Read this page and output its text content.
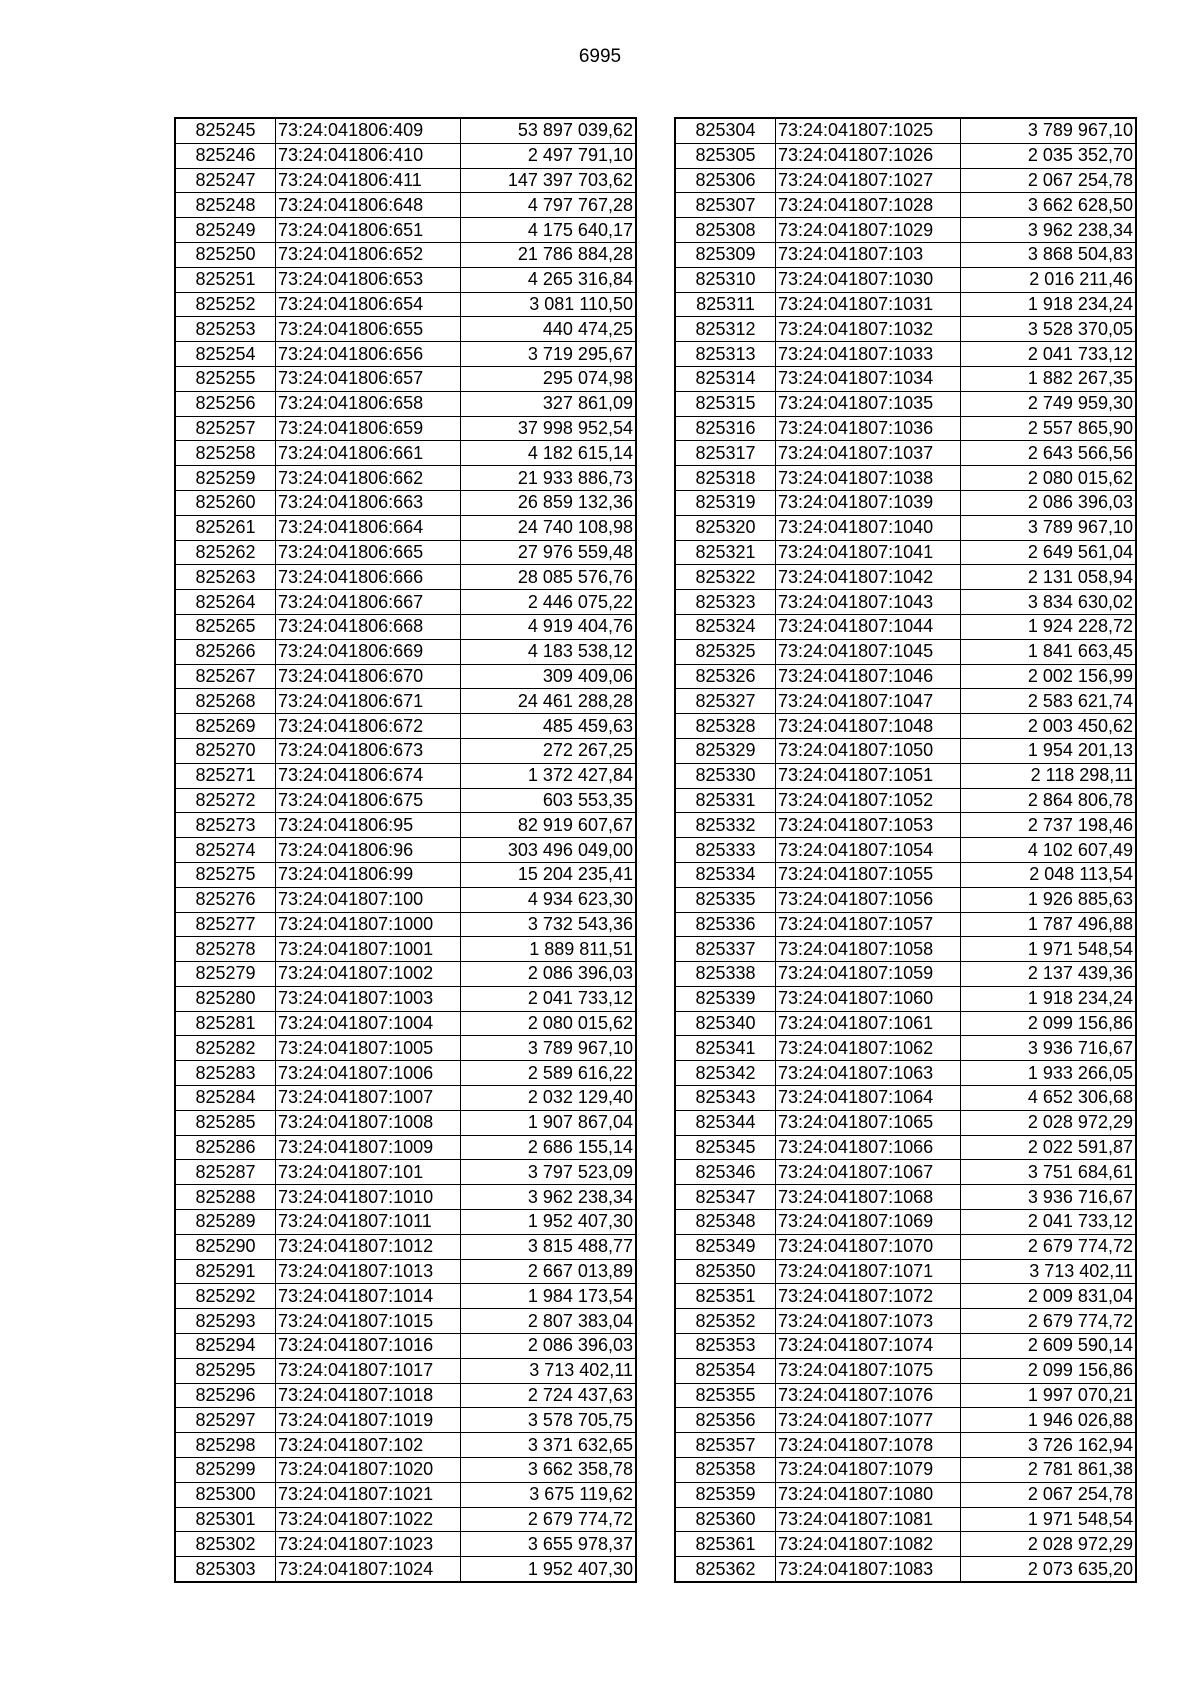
6995
825245	73:24:041806:409	53 897 039,62
825246	73:24:041806:410	2 497 791,10
825247	73:24:041806:411	147 397 703,62
825248	73:24:041806:648	4 797 767,28
825249	73:24:041806:651	4 175 640,17
825250	73:24:041806:652	21 786 884,28
825251	73:24:041806:653	4 265 316,84
825252	73:24:041806:654	3 081 110,50
825253	73:24:041806:655	440 474,25
825254	73:24:041806:656	3 719 295,67
825255	73:24:041806:657	295 074,98
825256	73:24:041806:658	327 861,09
825257	73:24:041806:659	37 998 952,54
825258	73:24:041806:661	4 182 615,14
825259	73:24:041806:662	21 933 886,73
825260	73:24:041806:663	26 859 132,36
825261	73:24:041806:664	24 740 108,98
825262	73:24:041806:665	27 976 559,48
825263	73:24:041806:666	28 085 576,76
825264	73:24:041806:667	2 446 075,22
825265	73:24:041806:668	4 919 404,76
825266	73:24:041806:669	4 183 538,12
825267	73:24:041806:670	309 409,06
825268	73:24:041806:671	24 461 288,28
825269	73:24:041806:672	485 459,63
825270	73:24:041806:673	272 267,25
825271	73:24:041806:674	1 372 427,84
825272	73:24:041806:675	603 553,35
825273	73:24:041806:95	82 919 607,67
825274	73:24:041806:96	303 496 049,00
825275	73:24:041806:99	15 204 235,41
825276	73:24:041807:100	4 934 623,30
825277	73:24:041807:1000	3 732 543,36
825278	73:24:041807:1001	1 889 811,51
825279	73:24:041807:1002	2 086 396,03
825280	73:24:041807:1003	2 041 733,12
825281	73:24:041807:1004	2 080 015,62
825282	73:24:041807:1005	3 789 967,10
825283	73:24:041807:1006	2 589 616,22
825284	73:24:041807:1007	2 032 129,40
825285	73:24:041807:1008	1 907 867,04
825286	73:24:041807:1009	2 686 155,14
825287	73:24:041807:101	3 797 523,09
825288	73:24:041807:1010	3 962 238,34
825289	73:24:041807:1011	1 952 407,30
825290	73:24:041807:1012	3 815 488,77
825291	73:24:041807:1013	2 667 013,89
825292	73:24:041807:1014	1 984 173,54
825293	73:24:041807:1015	2 807 383,04
825294	73:24:041807:1016	2 086 396,03
825295	73:24:041807:1017	3 713 402,11
825296	73:24:041807:1018	2 724 437,63
825297	73:24:041807:1019	3 578 705,75
825298	73:24:041807:102	3 371 632,65
825299	73:24:041807:1020	3 662 358,78
825300	73:24:041807:1021	3 675 119,62
825301	73:24:041807:1022	2 679 774,72
825302	73:24:041807:1023	3 655 978,37
825303	73:24:041807:1024	1 952 407,30
825304	73:24:041807:1025	3 789 967,10
825305	73:24:041807:1026	2 035 352,70
825306	73:24:041807:1027	2 067 254,78
825307	73:24:041807:1028	3 662 628,50
825308	73:24:041807:1029	3 962 238,34
825309	73:24:041807:103	3 868 504,83
825310	73:24:041807:1030	2 016 211,46
825311	73:24:041807:1031	1 918 234,24
825312	73:24:041807:1032	3 528 370,05
825313	73:24:041807:1033	2 041 733,12
825314	73:24:041807:1034	1 882 267,35
825315	73:24:041807:1035	2 749 959,30
825316	73:24:041807:1036	2 557 865,90
825317	73:24:041807:1037	2 643 566,56
825318	73:24:041807:1038	2 080 015,62
825319	73:24:041807:1039	2 086 396,03
825320	73:24:041807:1040	3 789 967,10
825321	73:24:041807:1041	2 649 561,04
825322	73:24:041807:1042	2 131 058,94
825323	73:24:041807:1043	3 834 630,02
825324	73:24:041807:1044	1 924 228,72
825325	73:24:041807:1045	1 841 663,45
825326	73:24:041807:1046	2 002 156,99
825327	73:24:041807:1047	2 583 621,74
825328	73:24:041807:1048	2 003 450,62
825329	73:24:041807:1050	1 954 201,13
825330	73:24:041807:1051	2 118 298,11
825331	73:24:041807:1052	2 864 806,78
825332	73:24:041807:1053	2 737 198,46
825333	73:24:041807:1054	4 102 607,49
825334	73:24:041807:1055	2 048 113,54
825335	73:24:041807:1056	1 926 885,63
825336	73:24:041807:1057	1 787 496,88
825337	73:24:041807:1058	1 971 548,54
825338	73:24:041807:1059	2 137 439,36
825339	73:24:041807:1060	1 918 234,24
825340	73:24:041807:1061	2 099 156,86
825341	73:24:041807:1062	3 936 716,67
825342	73:24:041807:1063	1 933 266,05
825343	73:24:041807:1064	4 652 306,68
825344	73:24:041807:1065	2 028 972,29
825345	73:24:041807:1066	2 022 591,87
825346	73:24:041807:1067	3 751 684,61
825347	73:24:041807:1068	3 936 716,67
825348	73:24:041807:1069	2 041 733,12
825349	73:24:041807:1070	2 679 774,72
825350	73:24:041807:1071	3 713 402,11
825351	73:24:041807:1072	2 009 831,04
825352	73:24:041807:1073	2 679 774,72
825353	73:24:041807:1074	2 609 590,14
825354	73:24:041807:1075	2 099 156,86
825355	73:24:041807:1076	1 997 070,21
825356	73:24:041807:1077	1 946 026,88
825357	73:24:041807:1078	3 726 162,94
825358	73:24:041807:1079	2 781 861,38
825359	73:24:041807:1080	2 067 254,78
825360	73:24:041807:1081	1 971 548,54
825361	73:24:041807:1082	2 028 972,29
825362	73:24:041807:1083	2 073 635,20
